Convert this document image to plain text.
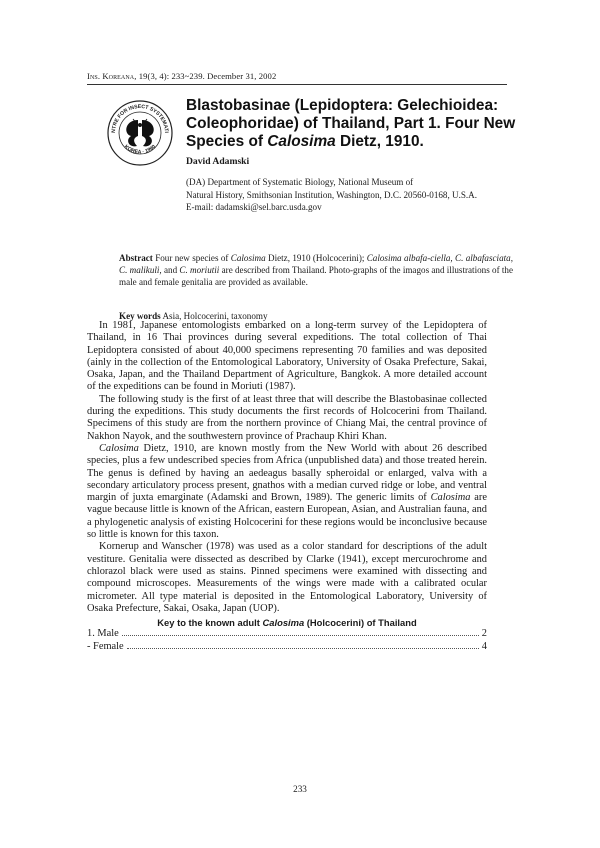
Ins. Koreana, 19(3, 4): 233~239. December 31, 2002
NTRE FOR INSECT SYSTEMATI
KOREA · 1990
Blastobasinae (Lepidoptera: Gelechioidea:
Coleophoridae) of Thailand, Part 1. Four New
Species of Calosima Dietz, 1910.
David Adamski
(DA) Department of Systematic Biology, National Museum of
Natural History, Smithsonian Institution, Washington, D.C. 20560-0168, U.S.A.
E-mail: dadamski@sel.barc.usda.gov
Abstract Four new species of Calosima Dietz, 1910 (Holcocerini); Calosima albafa-ciella, C. albafasciata, C. malikuli, and C. moriutii are described from Thailand. Photo-graphs of the imagos and illustrations of the male and female genitalia are provided as available.
Key words Asia, Holcocerini, taxonomy

In 1981, Japanese entomologists embarked on a long-term survey of the Lepidoptera of Thailand, in 16 Thai provinces during several expeditions. The total collection of Thai Lepidoptera consisted of about 40,000 specimens representing 70 families and was deposited (ainly in the collection of the Entomological Laboratory, University of Osaka Prefecture, Sakai, Osaka, Japan, and the Thailand Department of Agriculture, Bangkok. A more detailed account of the expeditions can be found in Moriuti (1987).

The following study is the first of at least three that will describe the Blastobasinae collected during the expeditions. This study documents the first records of Holcocerini from Thailand. Specimens of this study are from the northern province of Chiang Mai, the central province of Nakhon Nayok, and the southwestern province of Prachaup Khiri Khan.

Calosima Dietz, 1910, are known mostly from the New World with about 26 described species, plus a few undescribed species from Africa (unpublished data) and those treated herein. The genus is defined by having an aedeagus basally spheroidal or enlarged, valva with a secondary articulatory process present, gnathos with a median curved ridge or lobe, and ventral margin of juxta emarginate (Adamski and Brown, 1989). The generic limits of Calosima are vague because little is known of the African, eastern European, Asian, and Australian fauna, and a phylogenetic analysis of existing Holcocerini for these regions would be inconclusive because so little is known for this taxon.

Kornerup and Wanscher (1978) was used as a color standard for descriptions of the adult vestiture. Genitalia were dissected as described by Clarke (1941), except mercurochrome and chlorazol black were used as stains. Pinned specimens were examined with dissecting and compound microscopes. Measurements of the wings were made with a calibrated ocular micrometer. All type material is deposited in the Entomological Laboratory, University of Osaka Prefecture, Sakai, Osaka, Japan (UOP).

Key to the known adult Calosima (Holcocerini) of Thailand
1. Male	2
- Female	4
233
